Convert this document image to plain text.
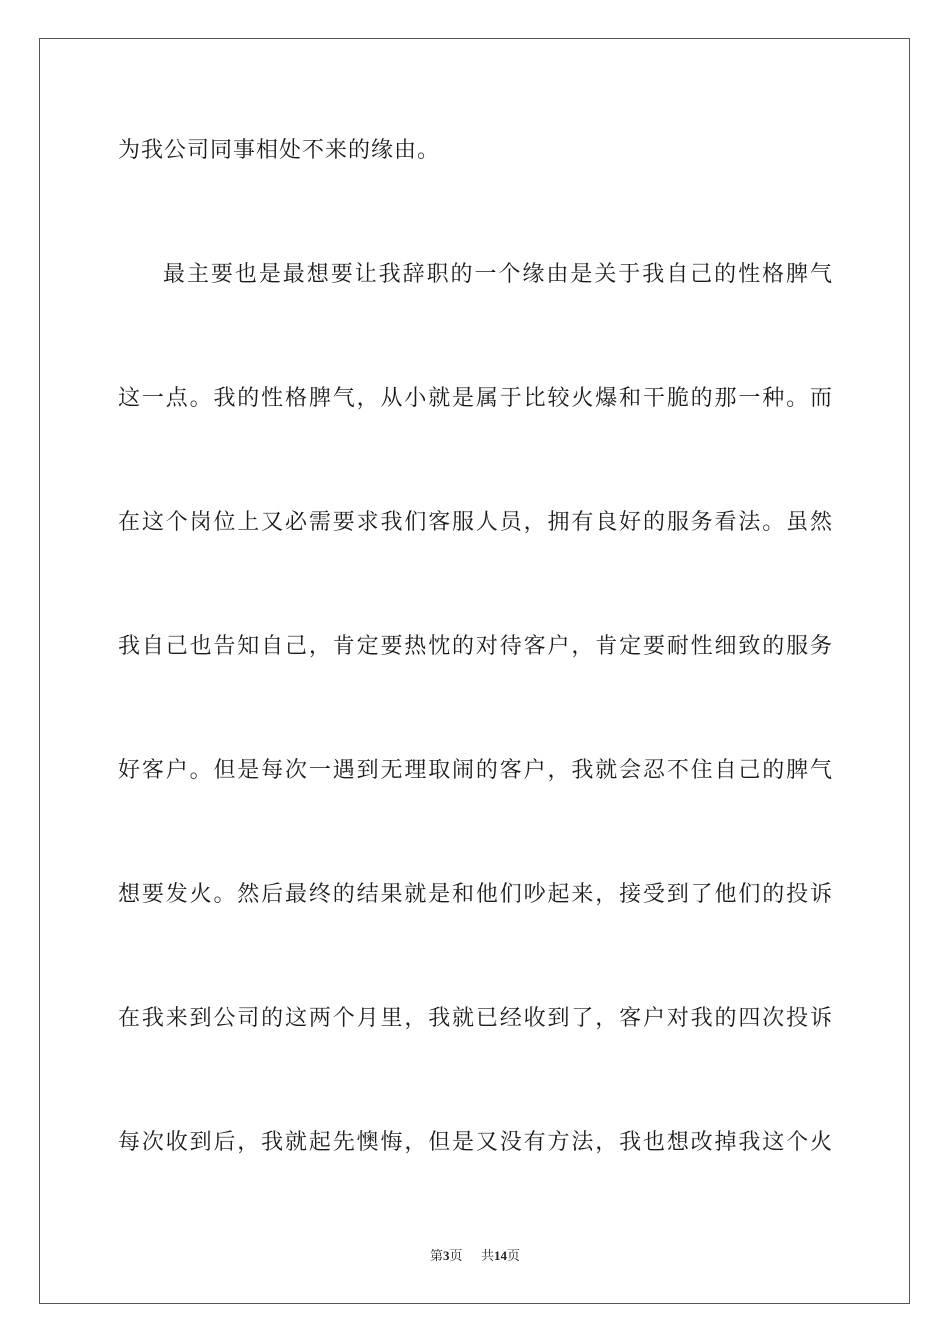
为我公司同事相处不来的缘由。
最主要也是最想要让我辞职的一个缘由是关于我自己的性格脾气
这一点。我的性格脾气，从小就是属于比较火爆和干脆的那一种。而
在这个岗位上又必需要求我们客服人员，拥有良好的服务看法。虽然
我自己也告知自己，肯定要热忱的对待客户，肯定要耐性细致的服务
好客户。但是每次一遇到无理取闹的客户，我就会忍不住自己的脾气
想要发火。然后最终的结果就是和他们吵起来，接受到了他们的投诉
在我来到公司的这两个月里，我就已经收到了，客户对我的四次投诉
每次收到后，我就起先懊悔，但是又没有方法，我也想改掉我这个火
第3页 共14页
